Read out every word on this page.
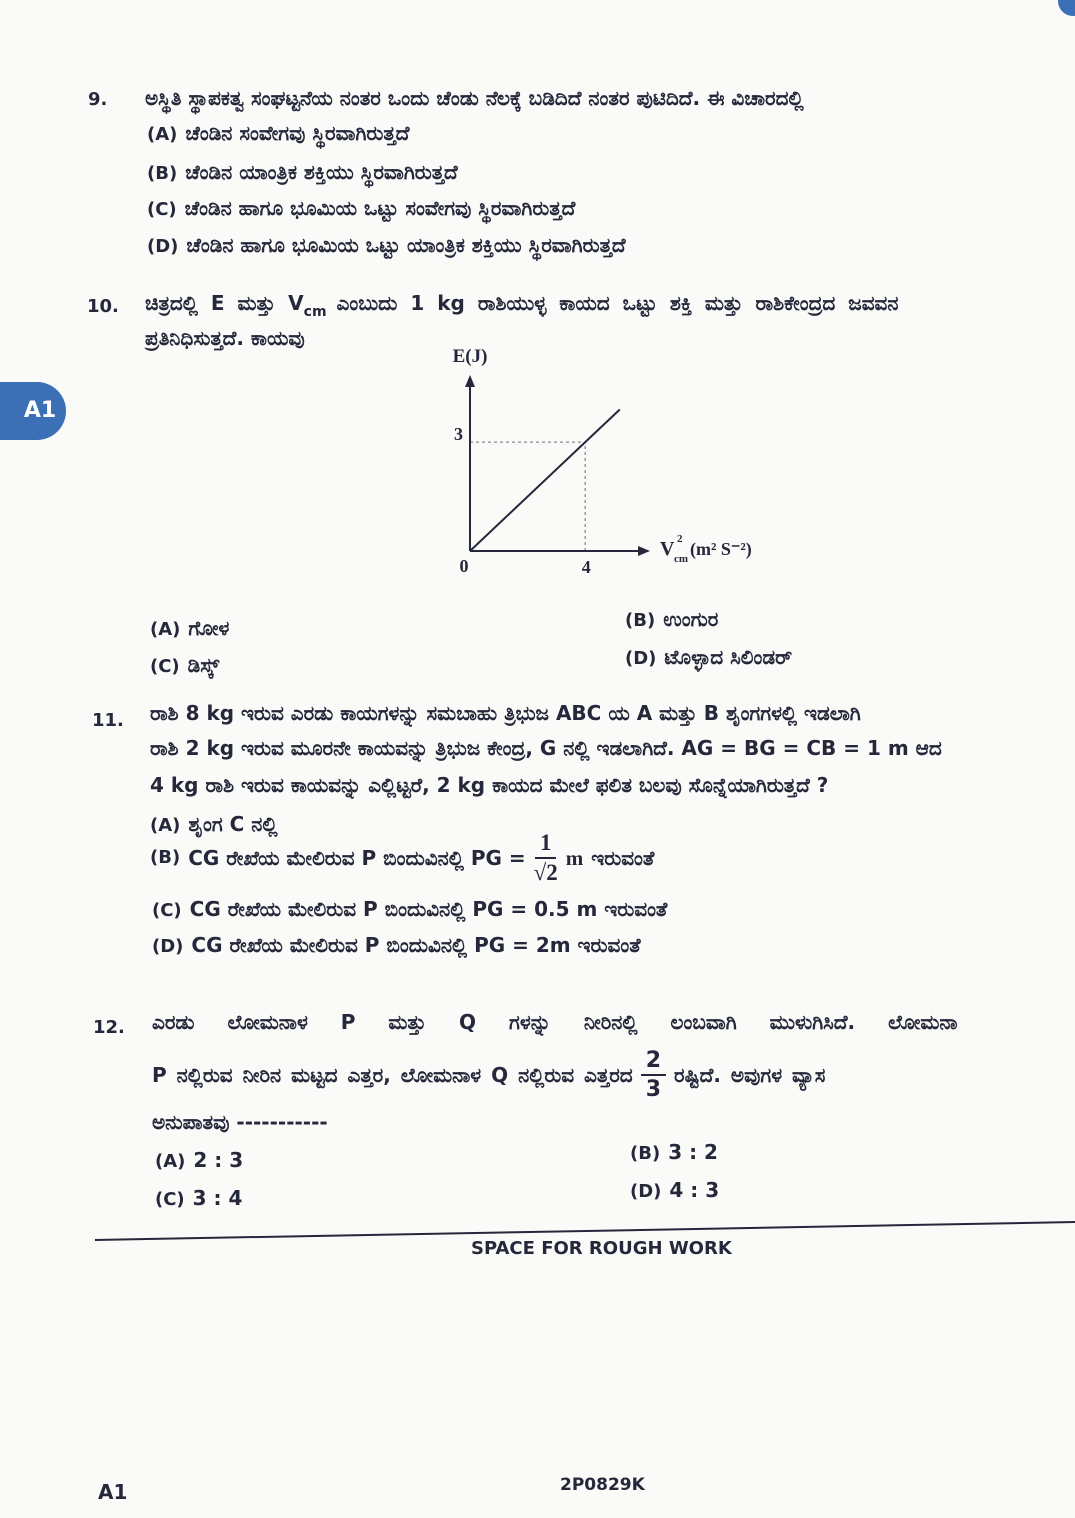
A1
9. ಅಸ್ಥಿತಿ ಸ್ಥಾಪಕತ್ವ ಸಂಘಟ್ಟನೆಯ ನಂತರ ಒಂದು ಚೆಂಡು ನೆಲಕ್ಕೆ ಬಡಿದಿದೆ ನಂತರ ಪುಟಿದಿದೆ. ಈ ವಿಚಾರದಲ್ಲಿ
(A) ಚೆಂಡಿನ ಸಂವೇಗವು ಸ್ಥಿರವಾಗಿರುತ್ತದೆ
(B) ಚೆಂಡಿನ ಯಾಂತ್ರಿಕ ಶಕ್ತಿಯು ಸ್ಥಿರವಾಗಿರುತ್ತದೆ
(C) ಚೆಂಡಿನ ಹಾಗೂ ಭೂಮಿಯ ಒಟ್ಟು ಸಂವೇಗವು ಸ್ಥಿರವಾಗಿರುತ್ತದೆ
(D) ಚೆಂಡಿನ ಹಾಗೂ ಭೂಮಿಯ ಒಟ್ಟು ಯಾಂತ್ರಿಕ ಶಕ್ತಿಯು ಸ್ಥಿರವಾಗಿರುತ್ತದೆ
10. ಚಿತ್ರದಲ್ಲಿ E ಮತ್ತು $V_{cm}$ ಎಂಬುದು 1 kg ರಾಶಿಯುಳ್ಳ ಕಾಯದ ಒಟ್ಟು ಶಕ್ತಿ ಮತ್ತು ರಾಶಿಕೇಂದ್ರದ ಜವವನ
ಪ್ರತಿನಿಧಿಸುತ್ತದೆ. ಕಾಯವು
E(J)
3
0	4
V 2
cm (m² S⁻²)
(A) ಗೋಳ	(B) ಉಂಗುರ
(C) ಡಿಸ್ಕ್	(D) ಟೊಳ್ಳಾದ ಸಿಲಿಂಡರ್
11. ರಾಶಿ 8 kg ಇರುವ ಎರಡು ಕಾಯಗಳನ್ನು ಸಮಬಾಹು ತ್ರಿಭುಜ ABC ಯ A ಮತ್ತು B ಶೃಂಗಗಳಲ್ಲಿ ಇಡಲಾಗಿ
ರಾಶಿ 2 kg ಇರುವ ಮೂರನೇ ಕಾಯವನ್ನು ತ್ರಿಭುಜ ಕೇಂದ್ರ, G ನಲ್ಲಿ ಇಡಲಾಗಿದೆ. AG = BG = CB = 1 m ಆದ
4 kg ರಾಶಿ ಇರುವ ಕಾಯವನ್ನು ಎಲ್ಲಿಟ್ಟರೆ, 2 kg ಕಾಯದ ಮೇಲೆ ಫಲಿತ ಬಲವು ಸೊನ್ನೆಯಾಗಿರುತ್ತದೆ ?
(A) ಶೃಂಗ C ನಲ್ಲಿ
(B) CG ರೇಖೆಯ ಮೇಲಿರುವ P ಬಿಂದುವಿನಲ್ಲಿ PG = $\frac{1}{√2}$ m ಇರುವಂತೆ
(C) CG ರೇಖೆಯ ಮೇಲಿರುವ P ಬಿಂದುವಿನಲ್ಲಿ PG = 0.5 m ಇರುವಂತೆ
(D) CG ರೇಖೆಯ ಮೇಲಿರುವ P ಬಿಂದುವಿನಲ್ಲಿ PG = 2m ಇರುವಂತೆ
12. ಎರಡು ಲೋಮನಾಳ P ಮತ್ತು Q ಗಳನ್ನು ನೀರಿನಲ್ಲಿ ಲಂಬವಾಗಿ ಮುಳುಗಿಸಿದೆ. ಲೋಮನಾ
P ನಲ್ಲಿರುವ ನೀರಿನ ಮಟ್ಟದ ಎತ್ತರ, ಲೋಮನಾಳ Q ನಲ್ಲಿರುವ ಎತ್ತರದ $\frac{2}{3}$ ರಷ್ಟಿದೆ. ಅವುಗಳ ವ್ಯಾಸ
ಅನುಪಾತವು -----------
(A) 2 : 3	(B) 3 : 2
(C) 3 : 4	(D) 4 : 3
SPACE FOR ROUGH WORK
A1	2P0829K
